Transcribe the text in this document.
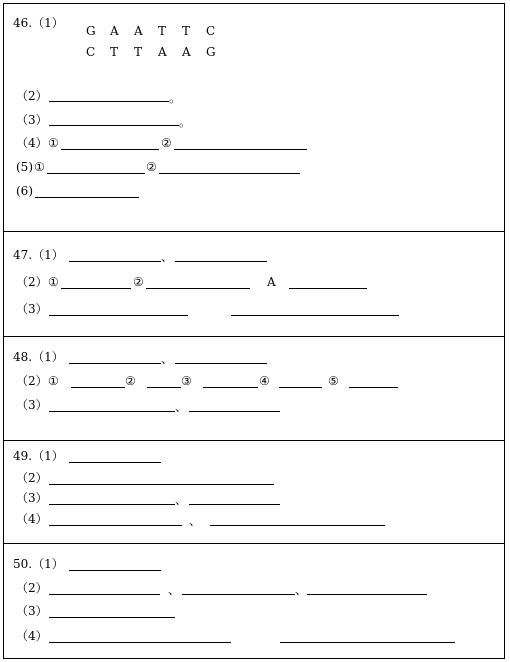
46.（1）
G A A T T C
C T T A A G
（2）	。
（3）	。
（4） ①	②
(5) ①	②
(6)
47.（1）	、
（2） ①	②	A
（3）
48.（1）	、
（2） ①	②	③	④	⑤
（3）	、
49.（1）
（2）
（3）	、
（4）	、
50.（1）
（2）	、	、
（3）
（4）
